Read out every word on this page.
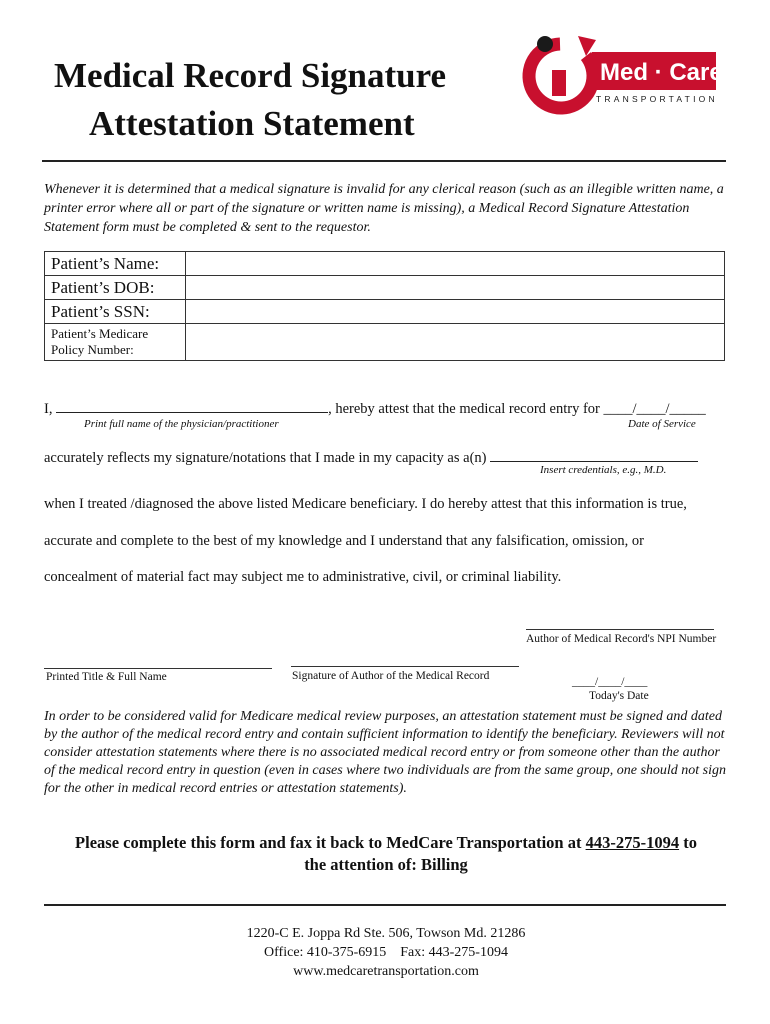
Medical Record Signature
Attestation Statement
Med · Care
TRANSPORTATION
Whenever it is determined that a medical signature is invalid for any clerical reason (such as an illegible written name, a printer error where all or part of the signature or written name is missing), a Medical Record Signature Attestation Statement form must be completed & sent to the requestor.
Patient’s Name:	
Patient’s DOB:	
Patient’s SSN:	
Patient’s Medicare Policy Number:	
I,	, hereby attest that the medical record entry for ____/____/_____
Print full name of the physician/practitioner	Date of Service
accurately reflects my signature/notations that I made in my capacity as a(n)
Insert credentials, e.g., M.D.
when I treated /diagnosed the above listed Medicare beneficiary. I do hereby attest that this information is true,
accurate and complete to the best of my knowledge and I understand that any falsification, omission, or
concealment of material fact may subject me to administrative, civil, or criminal liability.
Author of Medical Record's NPI Number
Printed Title & Full Name	Signature of Author of the Medical Record	____/____/____
Today's Date
In order to be considered valid for Medicare medical review purposes, an attestation statement must be signed and dated by the author of the medical record entry and contain sufficient information to identify the beneficiary. Reviewers will not consider attestation statements where there is no associated medical record entry or from someone other than the author of the medical record entry in question (even in cases where two individuals are from the same group, one should not sign for the other in medical record entries or attestation statements).
Please complete this form and fax it back to MedCare Transportation at 443-275-1094 to
the attention of: Billing
1220-C E. Joppa Rd Ste. 506, Towson Md. 21286
Office: 410-375-6915    Fax: 443-275-1094
www.medcaretransportation.com
